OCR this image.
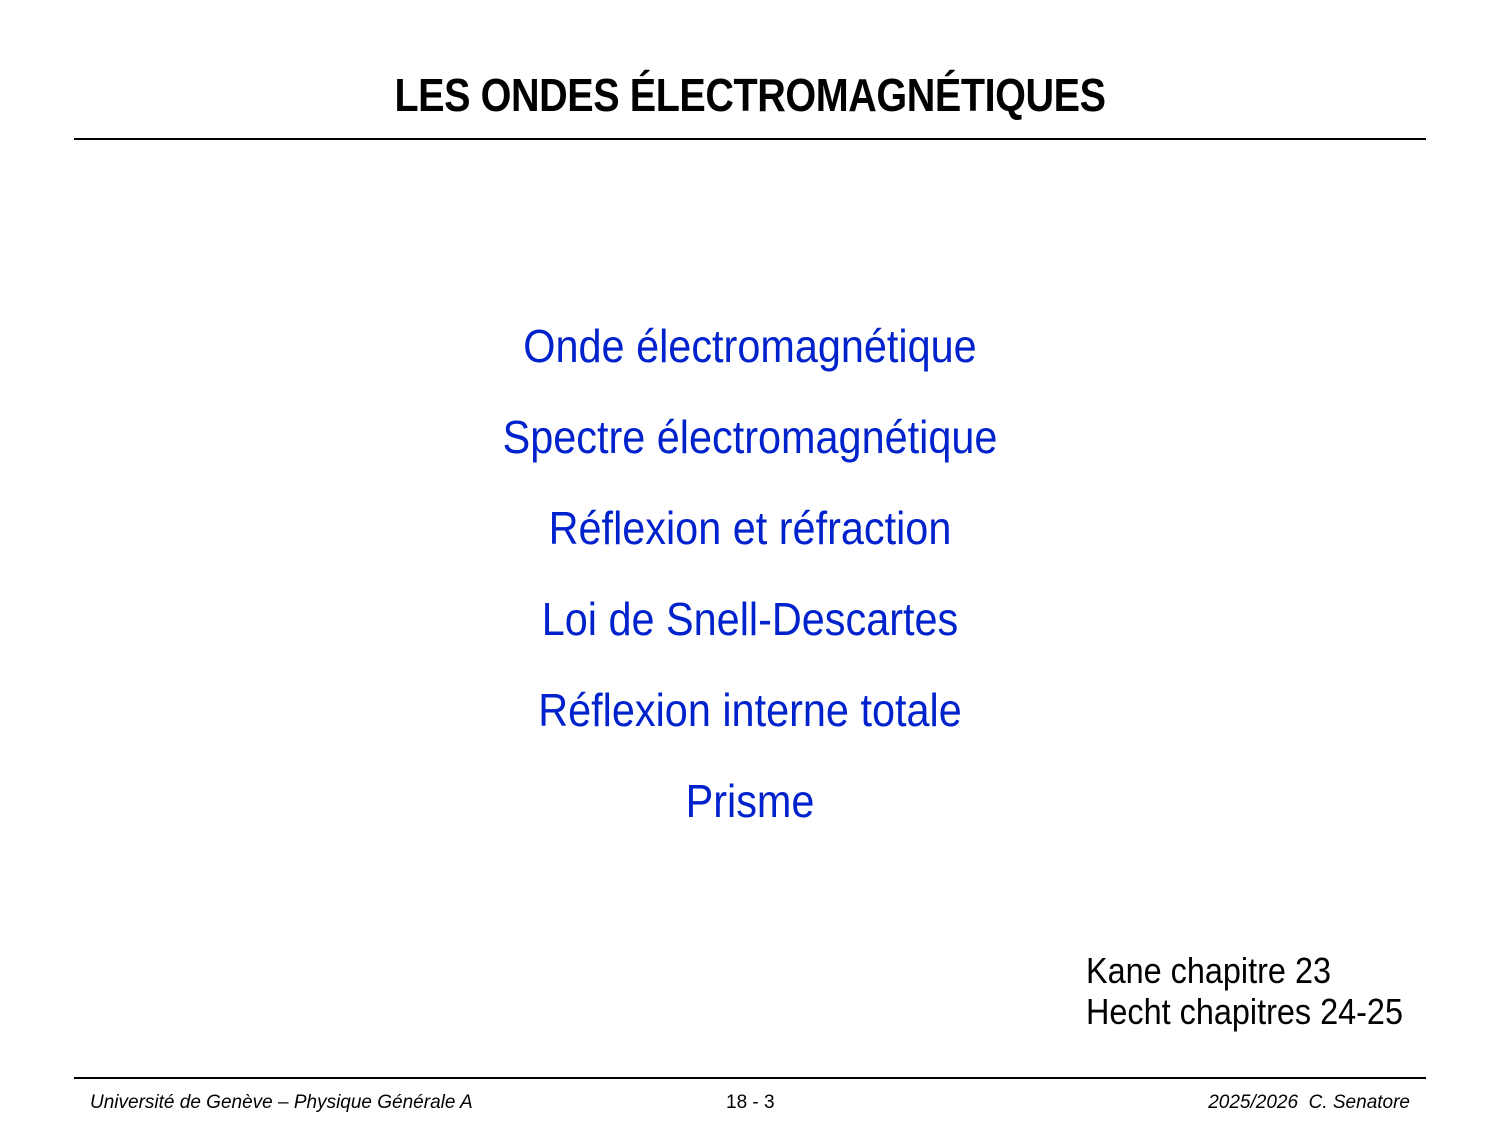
LES ONDES ÉLECTROMAGNÉTIQUES
Onde électromagnétique
Spectre électromagnétique
Réflexion et réfraction
Loi de Snell-Descartes
Réflexion interne totale
Prisme
Kane chapitre 23
Hecht chapitres 24-25
Université de Genève – Physique Générale A	18 - 3	2025/2026  C. Senatore
